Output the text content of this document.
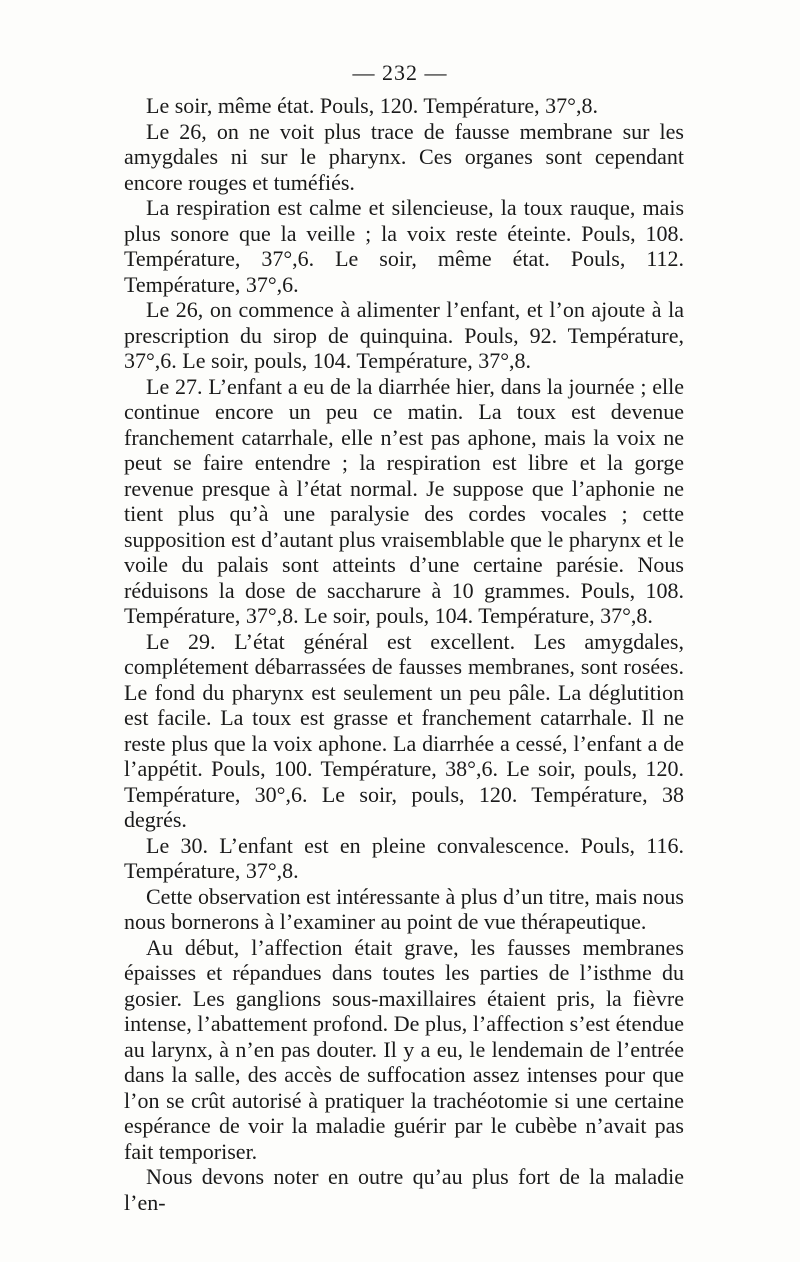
— 232 —

Le soir, même état. Pouls, 120. Température, 37°,8.

Le 26, on ne voit plus trace de fausse membrane sur les amygdales ni sur le pharynx. Ces organes sont cependant encore rouges et tuméfiés.

La respiration est calme et silencieuse, la toux rauque, mais plus sonore que la veille ; la voix reste éteinte. Pouls, 108. Température, 37°,6. Le soir, même état. Pouls, 112. Température, 37°,6.

Le 26, on commence à alimenter l’enfant, et l’on ajoute à la prescription du sirop de quinquina. Pouls, 92. Température, 37°,6. Le soir, pouls, 104. Température, 37°,8.

Le 27. L’enfant a eu de la diarrhée hier, dans la journée ; elle continue encore un peu ce matin. La toux est devenue franchement catarrhale, elle n’est pas aphone, mais la voix ne peut se faire entendre ; la respiration est libre et la gorge revenue presque à l’état normal. Je suppose que l’aphonie ne tient plus qu’à une paralysie des cordes vocales ; cette supposition est d’autant plus vraisemblable que le pharynx et le voile du palais sont atteints d’une certaine parésie. Nous réduisons la dose de saccharure à 10 grammes. Pouls, 108. Température, 37°,8. Le soir, pouls, 104. Température, 37°,8.

Le 29. L’état général est excellent. Les amygdales, complétement débarrassées de fausses membranes, sont rosées. Le fond du pharynx est seulement un peu pâle. La déglutition est facile. La toux est grasse et franchement catarrhale. Il ne reste plus que la voix aphone. La diarrhée a cessé, l’enfant a de l’appétit. Pouls, 100. Température, 38°,6. Le soir, pouls, 120. Température, 30°,6. Le soir, pouls, 120. Température, 38 degrés.

Le 30. L’enfant est en pleine convalescence. Pouls, 116. Température, 37°,8.

Cette observation est intéressante à plus d’un titre, mais nous nous bornerons à l’examiner au point de vue thérapeutique.

Au début, l’affection était grave, les fausses membranes épaisses et répandues dans toutes les parties de l’isthme du gosier. Les ganglions sous-maxillaires étaient pris, la fièvre intense, l’abattement profond. De plus, l’affection s’est étendue au larynx, à n’en pas douter. Il y a eu, le lendemain de l’entrée dans la salle, des accès de suffocation assez intenses pour que l’on se crût autorisé à pratiquer la trachéotomie si une certaine espérance de voir la maladie guérir par le cubèbe n’avait pas fait temporiser.

Nous devons noter en outre qu’au plus fort de la maladie l’en-
